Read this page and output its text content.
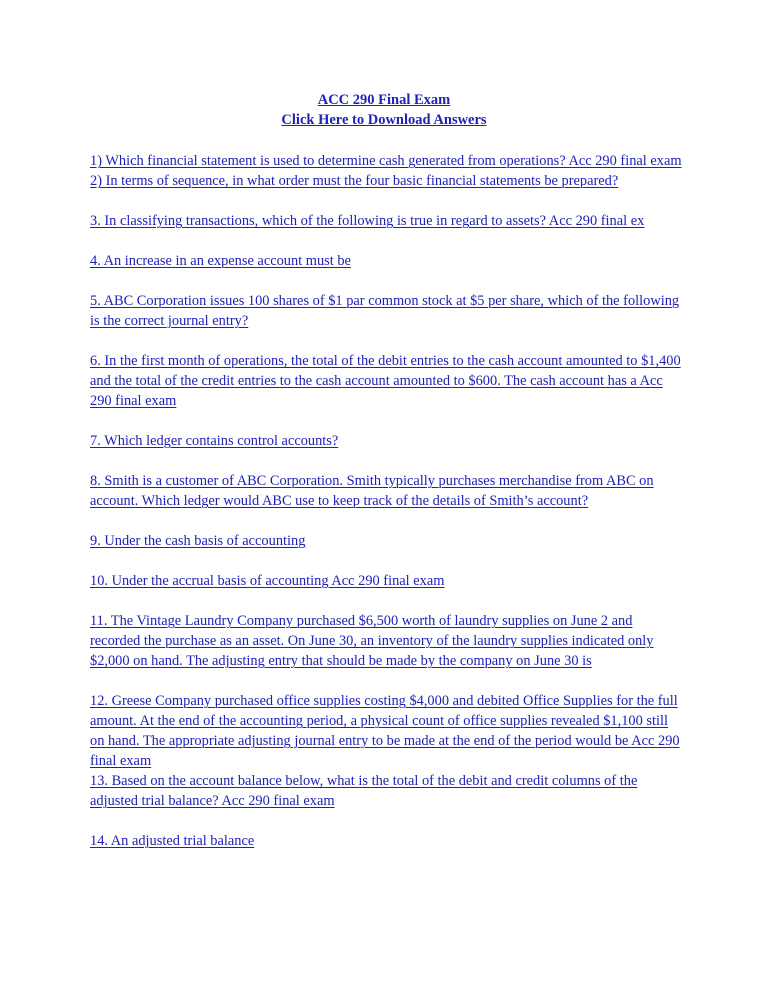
ACC 290 Final Exam
Click Here to Download Answers
1) Which financial statement is used to determine cash generated from operations? Acc 290 final exam
2) In terms of sequence, in what order must the four basic financial statements be prepared?
3. In classifying transactions, which of the following is true in regard to assets? Acc 290 final ex
4. An increase in an expense account must be
5. ABC Corporation issues 100 shares of $1 par common stock at $5 per share, which of the following is the correct journal entry?
6. In the first month of operations, the total of the debit entries to the cash account amounted to $1,400 and the total of the credit entries to the cash account amounted to $600. The cash account has a Acc 290 final exam
7. Which ledger contains control accounts?
8. Smith is a customer of ABC Corporation. Smith typically purchases merchandise from ABC on account. Which ledger would ABC use to keep track of the details of Smith’s account?
9. Under the cash basis of accounting
10. Under the accrual basis of accounting Acc 290 final exam
11. The Vintage Laundry Company purchased $6,500 worth of laundry supplies on June 2 and recorded the purchase as an asset. On June 30, an inventory of the laundry supplies indicated only $2,000 on hand. The adjusting entry that should be made by the company on June 30 is
12. Greese Company purchased office supplies costing $4,000 and debited Office Supplies for the full amount. At the end of the accounting period, a physical count of office supplies revealed $1,100 still on hand. The appropriate adjusting journal entry to be made at the end of the period would be Acc 290 final exam
13. Based on the account balance below, what is the total of the debit and credit columns of the adjusted trial balance? Acc 290 final exam
14. An adjusted trial balance
